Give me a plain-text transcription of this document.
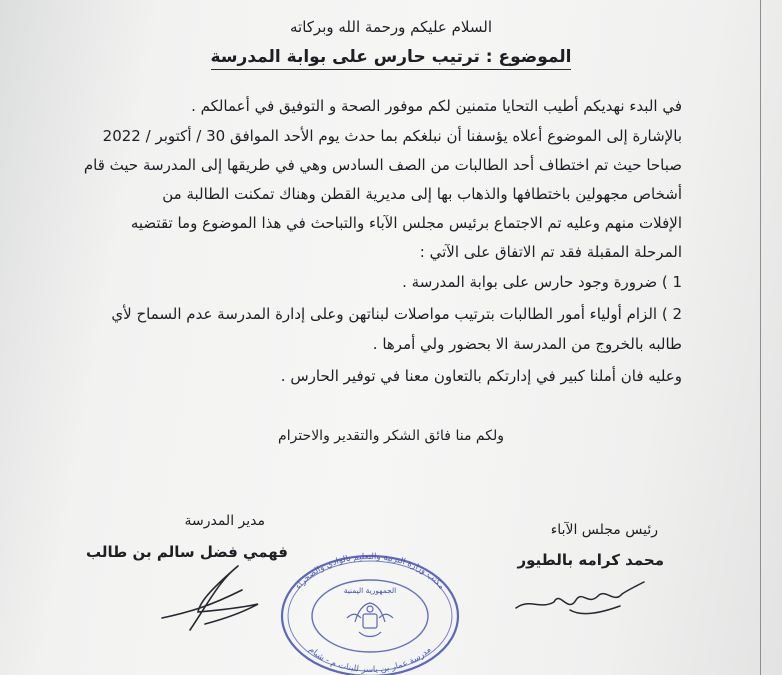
السلام عليكم ورحمة الله وبركاته
الموضوع : ترتيب حارس على بوابة المدرسة
في البدء نهديكم أطيب التحايا متمنين لكم موفور الصحة و التوفيق في أعمالكم .
بالإشارة إلى الموضوع أعلاه يؤسفنا أن نبلغكم بما حدث يوم الأحد الموافق 30 / أكتوبر / 2022
صباحا حيث تم اختطاف أحد الطالبات من الصف السادس وهي في طريقها إلى المدرسة حيث قام
أشخاص مجهولين باختطافها والذهاب بها إلى مديرية القطن وهناك تمكنت الطالبة من
الإفلات منهم وعليه تم الاجتماع برئيس مجلس الآباء والتباحث في هذا الموضوع وما تقتضيه
المرحلة المقبلة فقد تم الاتفاق على الآتي :
1 ) ضرورة وجود حارس على بوابة المدرسة .
2 ) الزام أولياء أمور الطالبات بترتيب مواصلات لبناتهن وعلى إدارة المدرسة عدم السماح لأي
طالبه بالخروج من المدرسة الا بحضور ولي أمرها .
وعليه فان أملنا كبير في إدارتكم بالتعاون معنا في توفير الحارس .
ولكم منا فائق الشكر والتقدير والاحترام
مدير المدرسة
فهمي فضل سالم بن طالب
رئيس مجلس الآباء
محمد كرامه بالطيور
مكتب وزارة التربية والتعليم بالوادي والصحراء
مدرسة عمار بن ياسر للبنات م - شبام
الجمهورية اليمنية
